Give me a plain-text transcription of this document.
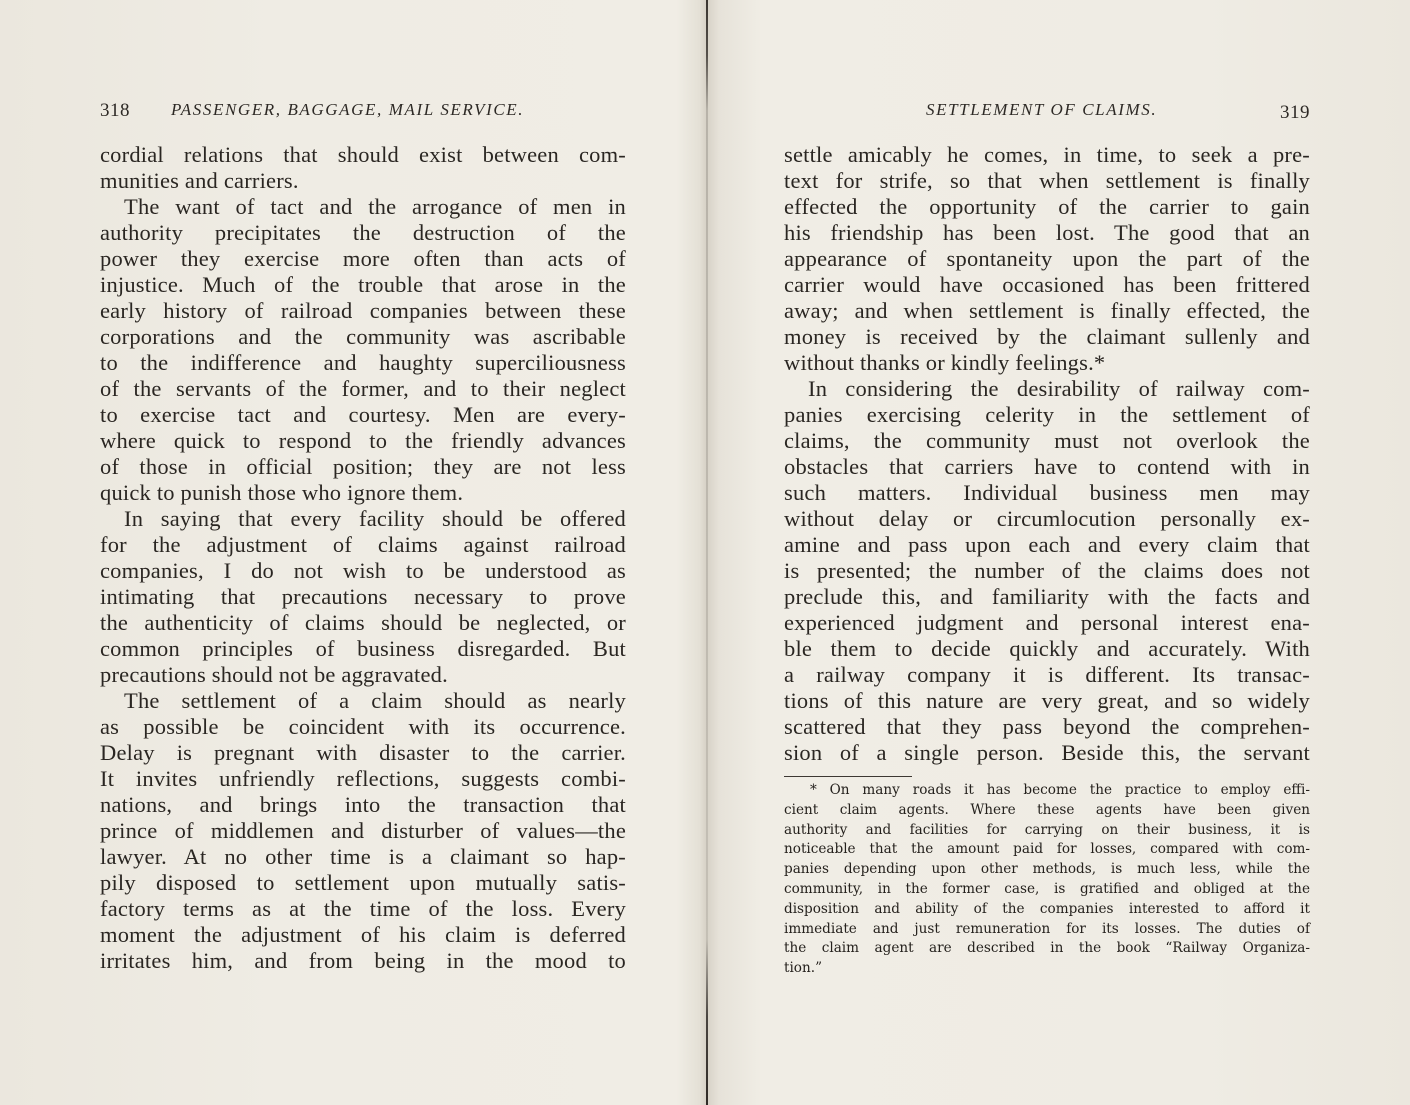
318 PASSENGER, BAGGAGE, MAIL SERVICE.
cordial relations that should exist between com-
munities and carriers.
The want of tact and the arrogance of men in
authority precipitates the destruction of the
power they exercise more often than acts of
injustice. Much of the trouble that arose in the
early history of railroad companies between these
corporations and the community was ascribable
to the indifference and haughty superciliousness
of the servants of the former, and to their neglect
to exercise tact and courtesy. Men are every-
where quick to respond to the friendly advances
of those in official position; they are not less
quick to punish those who ignore them.
In saying that every facility should be offered
for the adjustment of claims against railroad
companies, I do not wish to be understood as
intimating that precautions necessary to prove
the authenticity of claims should be neglected, or
common principles of business disregarded. But
precautions should not be aggravated.
The settlement of a claim should as nearly
as possible be coincident with its occurrence.
Delay is pregnant with disaster to the carrier.
It invites unfriendly reflections, suggests combi-
nations, and brings into the transaction that
prince of middlemen and disturber of values—the
lawyer. At no other time is a claimant so hap-
pily disposed to settlement upon mutually satis-
factory terms as at the time of the loss. Every
moment the adjustment of his claim is deferred
irritates him, and from being in the mood to
SETTLEMENT OF CLAIMS.	319
settle amicably he comes, in time, to seek a pre-
text for strife, so that when settlement is finally
effected the opportunity of the carrier to gain
his friendship has been lost. The good that an
appearance of spontaneity upon the part of the
carrier would have occasioned has been frittered
away; and when settlement is finally effected, the
money is received by the claimant sullenly and
without thanks or kindly feelings.*
In considering the desirability of railway com-
panies exercising celerity in the settlement of
claims, the community must not overlook the
obstacles that carriers have to contend with in
such matters. Individual business men may
without delay or circumlocution personally ex-
amine and pass upon each and every claim that
is presented; the number of the claims does not
preclude this, and familiarity with the facts and
experienced judgment and personal interest ena-
ble them to decide quickly and accurately. With
a railway company it is different. Its transac-
tions of this nature are very great, and so widely
scattered that they pass beyond the comprehen-
sion of a single person. Beside this, the servant
* On many roads it has become the practice to employ effi-
cient claim agents. Where these agents have been given
authority and facilities for carrying on their business, it is
noticeable that the amount paid for losses, compared with com-
panies depending upon other methods, is much less, while the
community, in the former case, is gratified and obliged at the
disposition and ability of the companies interested to afford it
immediate and just remuneration for its losses. The duties of
the claim agent are described in the book “Railway Organiza-
tion.”
